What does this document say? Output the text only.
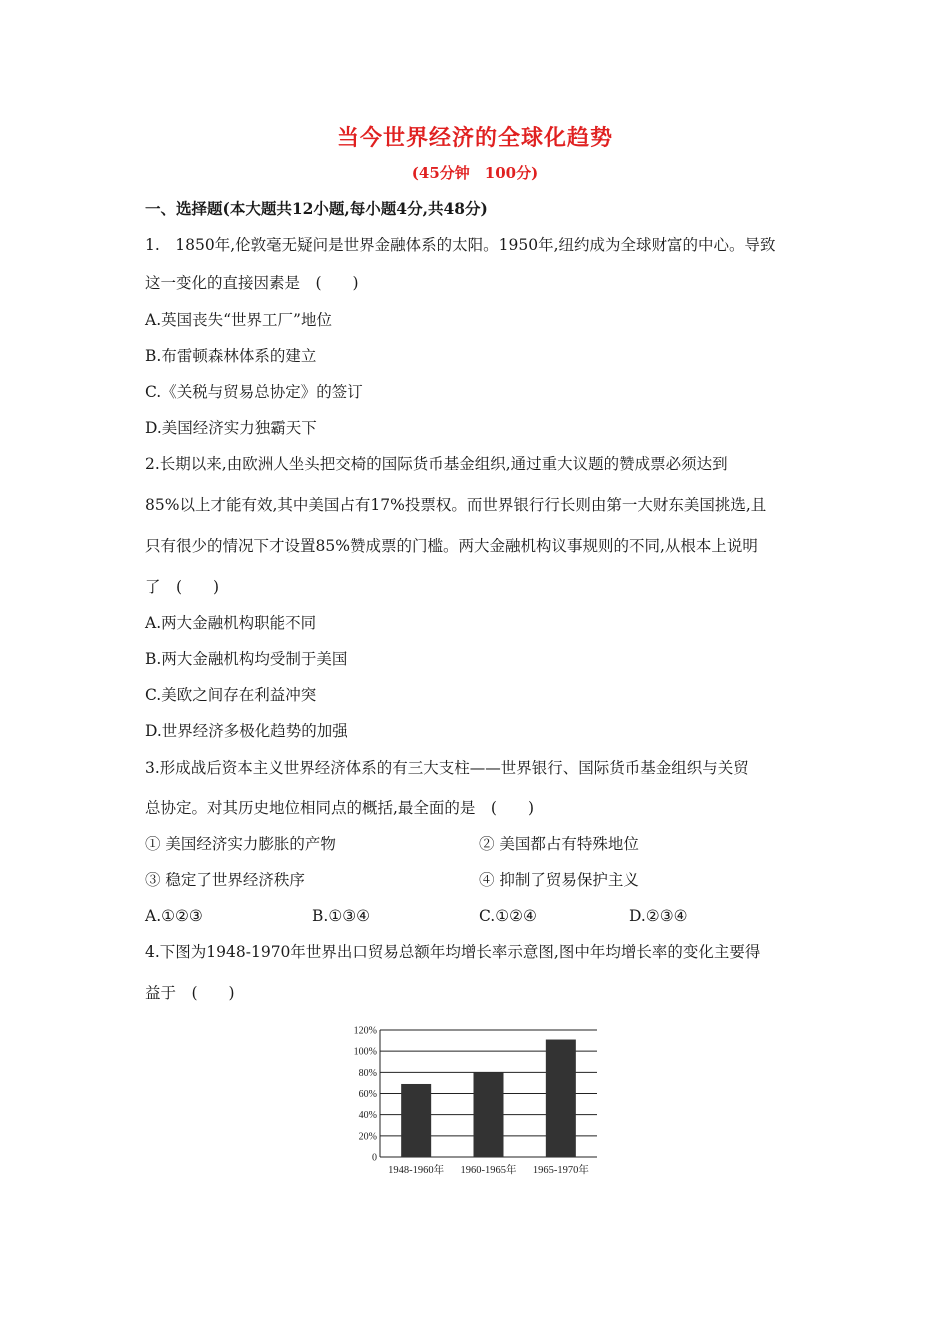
当今世界经济的全球化趋势
(45分钟　100分)
一、选择题(本大题共12小题,每小题4分,共48分)
1.　1850年,伦敦毫无疑问是世界金融体系的太阳。1950年,纽约成为全球财富的中心。导致
这一变化的直接因素是　(　　)
A.英国丧失“世界工厂”地位
B.布雷顿森林体系的建立
C.《关税与贸易总协定》的签订
D.美国经济实力独霸天下
2.长期以来,由欧洲人坐头把交椅的国际货币基金组织,通过重大议题的赞成票必须达到
85%以上才能有效,其中美国占有17%投票权。而世界银行行长则由第一大财东美国挑选,且
只有很少的情况下才设置85%赞成票的门槛。两大金融机构议事规则的不同,从根本上说明
了　(　　)
A.两大金融机构职能不同
B.两大金融机构均受制于美国
C.美欧之间存在利益冲突
D.世界经济多极化趋势的加强
3.形成战后资本主义世界经济体系的有三大支柱——世界银行、国际货币基金组织与关贸
总协定。对其历史地位相同点的概括,最全面的是　(　　)
① 美国经济实力膨胀的产物	② 美国都占有特殊地位
③ 稳定了世界经济秩序	④ 抑制了贸易保护主义
A.①②③	B.①③④	C.①②④	D.②③④
4.下图为1948-1970年世界出口贸易总额年均增长率示意图,图中年均增长率的变化主要得
益于　(　　)
0
20%
40%
60%
80%
100%
120%
1948-1960年 1960-1965年 1965-1970年
